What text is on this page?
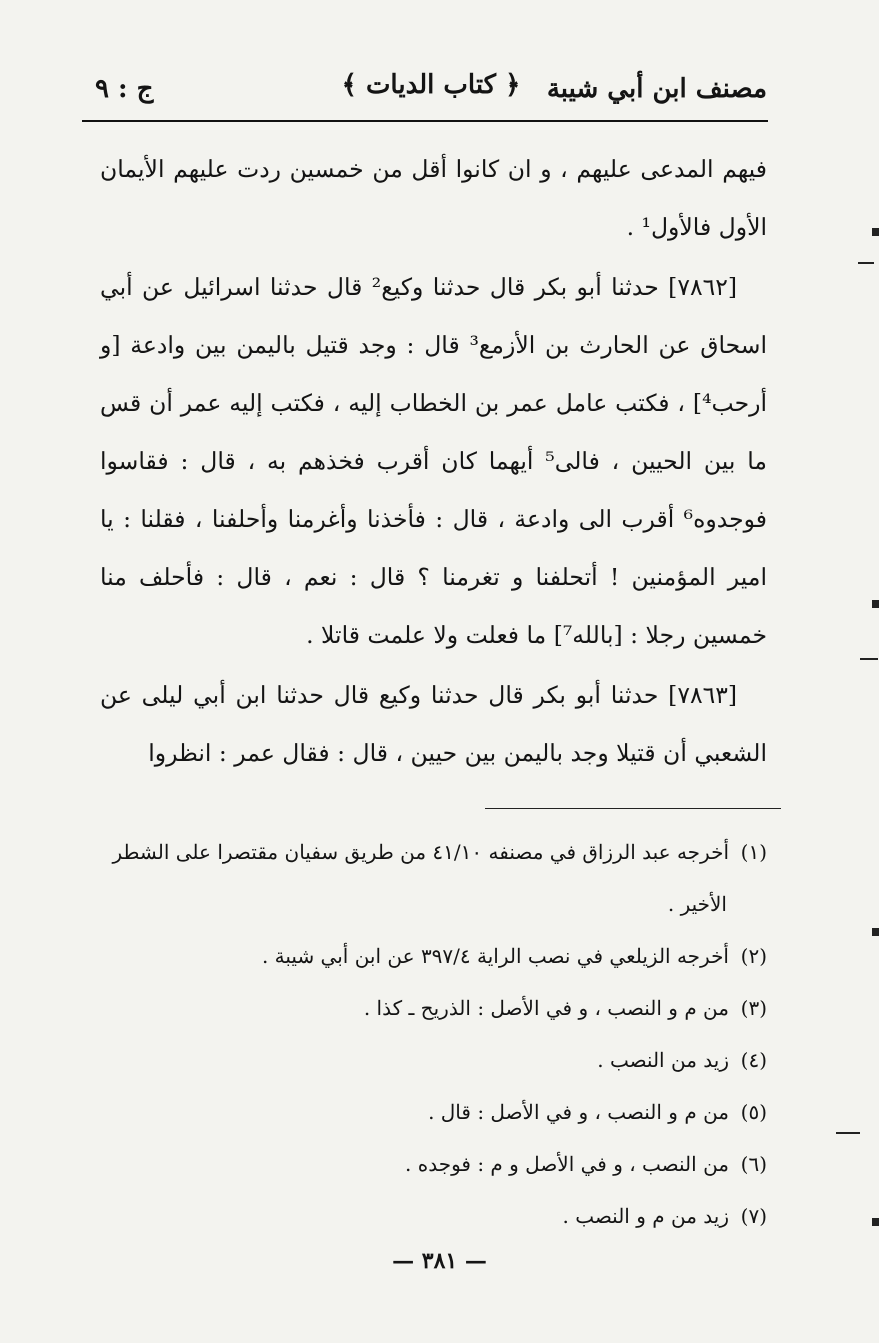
مصنف ابن أبي شيبة
﴿ كتاب الديات ﴾
ج : ٩

فيهم المدعى عليهم ، و ان كانوا أقل من خمسين ردت عليهم الأيمان الأول فالأول¹ .

[٧٨٦٢] حدثنا أبو بكر قال حدثنا وكيع² قال حدثنا اسرائيل عن أبي اسحاق عن الحارث بن الأزمع³ قال : وجد قتيل باليمن بين وادعة [و أرحب⁴] ، فكتب عامل عمر بن الخطاب إليه ، فكتب إليه عمر أن قس ما بين الحيين ، فالى⁵ أيهما كان أقرب فخذهم به ، قال : فقاسوا فوجدوه⁶ أقرب الى وادعة ، قال : فأخذنا وأغرمنا وأحلفنا ، فقلنا : يا امير المؤمنين ! أتحلفنا و تغرمنا ؟ قال : نعم ، قال : فأحلف منا خمسين رجلا : [بالله⁷] ما فعلت ولا علمت قاتلا .

[٧٨٦٣] حدثنا أبو بكر قال حدثنا وكيع قال حدثنا ابن أبي ليلى عن الشعبي أن قتيلا وجد باليمن بين حيين ، قال : فقال عمر : انظروا

(١)أخرجه عبد الرزاق في مصنفه ٤١/١٠ من طريق سفيان مقتصرا على الشطر الأخير .

(٢)أخرجه الزيلعي في نصب الراية ٣٩٧/٤ عن ابن أبي شيبة .

(٣)من م و النصب ، و في الأصل : الذريح ـ كذا .

(٤)زيد من النصب .

(٥)من م و النصب ، و في الأصل : قال .

(٦)من النصب ، و في الأصل و م : فوجده .

(٧)زيد من م و النصب .

— ٣٨١ —
